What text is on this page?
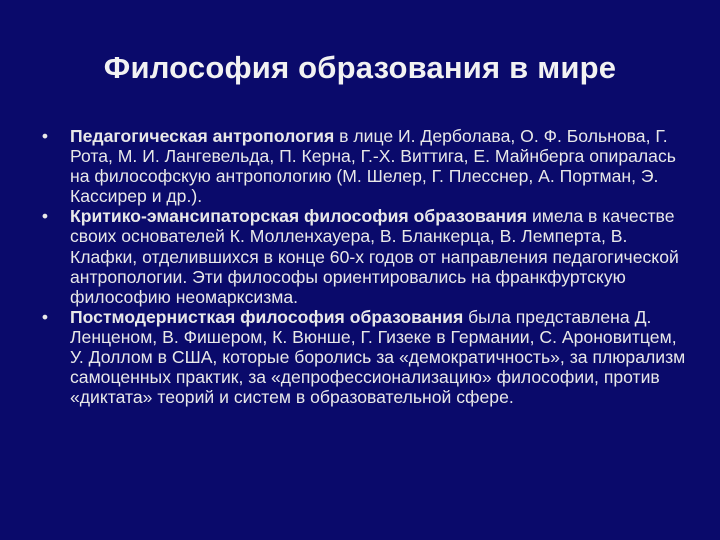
Философия образования в мире
• Педагогическая антропология в лице И. Дерболава, О. Ф. Больнова, Г. Рота, М. И. Лангевельда, П. Керна, Г.-Х. Виттига, Е. Майнберга опиралась на философскую антропологию (М. Шелер, Г. Плесснер, А. Портман, Э. Кассирер и др.).
• Критико-эмансипаторская философия образования имела в качестве своих основателей К. Молленхауера, В. Бланкерца, В. Лемперта, В. Клафки, отделившихся в конце 60-х годов от направления педагогической антропологии. Эти философы ориентировались на франкфуртскую философию неомарксизма.
• Постмодернисткая философия образования была представлена Д. Ленценом, В. Фишером, К. Вюнше, Г. Гизеке в Германии, С. Ароновитцем, У. Доллом в США, которые боролись за «демократичность», за плюрализм самоценных практик, за «депрофессионализацию» философии, против «диктата» теорий и систем в образовательной сфере.
